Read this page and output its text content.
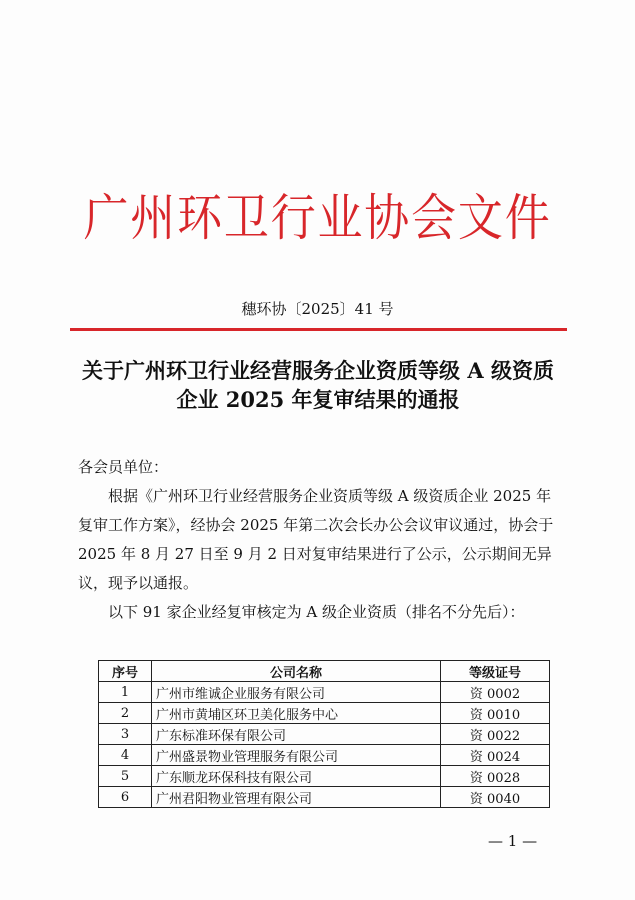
广州环卫行业协会文件
穗环协〔2025〕41 号
关于广州环卫行业经营服务企业资质等级 A 级资质企业 2025 年复审结果的通报
各会员单位：
根据《广州环卫行业经营服务企业资质等级 A 级资质企业 2025 年复审工作方案》，经协会 2025 年第二次会长办公会议审议通过，协会于 2025 年 8 月 27 日至 9 月 2 日对复审结果进行了公示，公示期间无异议，现予以通报。
以下 91 家企业经复审核定为 A 级企业资质（排名不分先后）：
序号	公司名称	等级证号
1	广州市维诚企业服务有限公司	资 0002
2	广州市黄埔区环卫美化服务中心	资 0010
3	广东标准环保有限公司	资 0022
4	广州盛景物业管理服务有限公司	资 0024
5	广东顺龙环保科技有限公司	资 0028
6	广州君阳物业管理有限公司	资 0040
— 1 —
